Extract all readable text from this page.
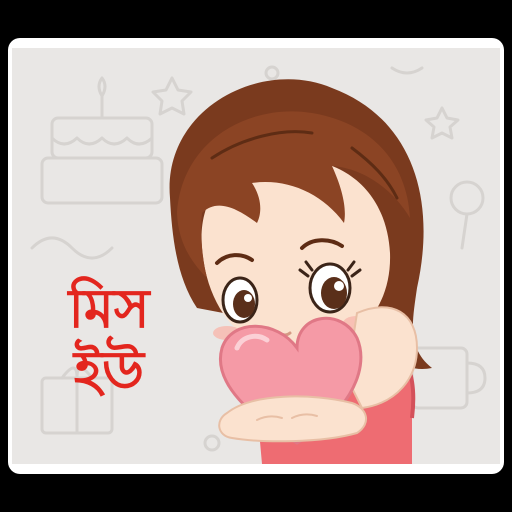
মিস
ইউ
